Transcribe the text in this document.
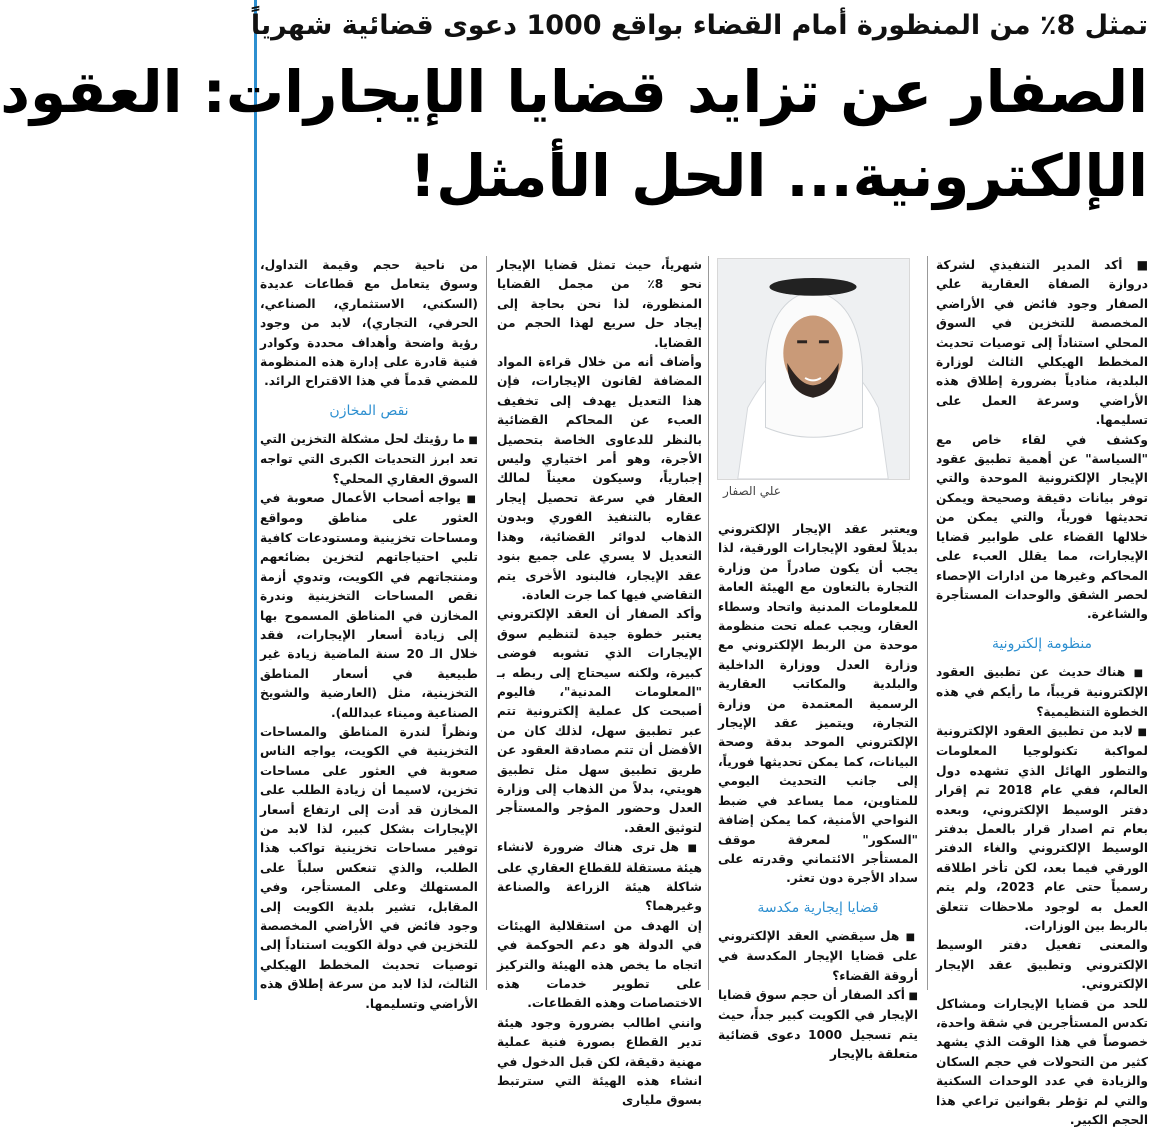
تمثل 8٪ من المنظورة أمام القضاء بواقع 1000 دعوى قضائية شهرياً
الصفار عن تزايد قضايا الإيجارات: العقود
الإلكترونية... الحل الأمثل!
علي الصفار

■ أكد المدير التنفيذي لشركة دروازة الصفاة العقارية علي الصفار وجود فائض في الأراضي المخصصة للتخزين في السوق المحلي استناداً إلى توصيات تحديث المخطط الهيكلي الثالث لوزارة البلدية، منادياً بضرورة إطلاق هذه الأراضي وسرعة العمل على تسليمها.

وكشف في لقاء خاص مع "السياسة" عن أهمية تطبيق عقود الإيجار الإلكترونية الموحدة والتي توفر بيانات دقيقة وصحيحة ويمكن تحديثها فورياً، والتي يمكن من خلالها القضاء على طوابير قضايا الإيجارات، مما يقلل العبء على المحاكم وغيرها من ادارات الإحصاء لحصر الشقق والوحدات المستأجرة والشاغرة.

منظومة إلكترونية

■ هناك حديث عن تطبيق العقود الإلكترونية قريباً، ما رأيكم في هذه الخطوة التنظيمية؟

■ لابد من تطبيق العقود الإلكترونية لمواكبة تكنولوجيا المعلومات والتطور الهائل الذي تشهده دول العالم، ففي عام 2018 تم إقرار دفتر الوسيط الإلكتروني، وبعده بعام تم اصدار قرار بالعمل بدفتر الوسيط الإلكتروني والغاء الدفتر الورقي فيما بعد، لكن تأخر اطلاقه رسمياً حتى عام 2023، ولم يتم العمل به لوجود ملاحظات تتعلق بالربط بين الوزارات.

والمعنى تفعيل دفتر الوسيط الإلكتروني وتطبيق عقد الإيجار الإلكتروني.

للحد من قضايا الإيجارات ومشاكل تكدس المستأجرين في شقة واحدة، خصوصاً في هذا الوقت الذي يشهد كثير من التحولات في حجم السكان والزيادة في عدد الوحدات السكنية والتي لم تؤطر بقوانين تراعي هذا الحجم الكبير.

ويعتبر عقد الإيجار الإلكتروني بديلاً لعقود الإيجارات الورقية، لذا يجب أن يكون صادراً من وزارة التجارة بالتعاون مع الهيئة العامة للمعلومات المدنية واتحاد وسطاء العقار، ويجب عمله تحت منظومة موحدة من الربط الإلكتروني مع وزارة العدل ووزارة الداخلية والبلدية والمكاتب العقارية الرسمية المعتمدة من وزارة التجارة، ويتميز عقد الإيجار الإلكتروني الموحد بدقة وصحة البيانات، كما يمكن تحديثها فورياً، إلى جانب التحديث اليومي للمتاوين، مما يساعد في ضبط النواحي الأمنية، كما يمكن إضافة "السكور" لمعرفة موقف المستأجر الائتماني وقدرته على سداد الأجرة دون تعثر.

قضايا إيجارية مكدسة

■ هل سيقضي العقد الإلكتروني على قضايا الإيجار المكدسة في أروقة القضاء؟

■ أكد الصفار أن حجم سوق قضايا الإيجار في الكويت كبير جداً، حيث يتم تسجيل 1000 دعوى قضائية متعلقة بالإيجار

شهرياً، حيث تمثل قضايا الإيجار نحو 8٪ من مجمل القضايا المنظورة، لذا نحن بحاجة إلى إيجاد حل سريع لهذا الحجم من القضايا.

وأضاف أنه من خلال قراءة المواد المضافة لقانون الإيجارات، فإن هذا التعديل يهدف إلى تخفيف العبء عن المحاكم القضائية بالنظر للدعاوى الخاصة بتحصيل الأجرة، وهو أمر اختياري وليس إجبارياً، وسيكون معيناً لمالك العقار في سرعة تحصيل إيجار عقاره بالتنفيذ الفوري وبدون الذهاب لدوائر القضائية، وهذا التعديل لا يسري على جميع بنود عقد الإيجار، فالبنود الأخرى يتم التقاضي فيها كما جرت العادة.

وأكد الصفار أن العقد الإلكتروني يعتبر خطوة جيدة لتنظيم سوق الإيجارات الذي تشوبه فوضى كبيرة، ولكنه سيحتاج إلى ربطه بـ "المعلومات المدنية"، فاليوم أصبحت كل عملية إلكترونية تتم عبر تطبيق سهل، لذلك كان من الأفضل أن تتم مصادقة العقود عن طريق تطبيق سهل مثل تطبيق هويتي، بدلاً من الذهاب إلى وزارة العدل وحضور المؤجر والمستأجر لتوثيق العقد.

■ هل ترى هناك ضرورة لانشاء هيئة مستقلة للقطاع العقاري على شاكلة هيئة الزراعة والصناعة وغيرهما؟

إن الهدف من استقلالية الهيئات في الدولة هو دعم الحوكمة في اتجاه ما يخص هذه الهيئة والتركيز على تطوير خدمات هذه الاختصاصات وهذه القطاعات.

وانني اطالب بضرورة وجود هيئة تدير القطاع بصورة فنية عملية مهنية دقيقة، لكن قبل الدخول في انشاء هذه الهيئة التي سترتبط بسوق مليارى

من ناحية حجم وقيمة التداول، وسوق يتعامل مع قطاعات عديدة (السكني، الاستثماري، الصناعي، الحرفي، التجاري)، لابد من وجود رؤية واضحة وأهداف محددة وكوادر فنية قادرة على إدارة هذه المنظومة للمضي قدماً في هذا الاقتراح الرائد.

نقص المخازن

■ ما رؤيتك لحل مشكلة التخزين التي تعد ابرز التحديات الكبرى التي تواجه السوق العقاري المحلي؟

■ يواجه أصحاب الأعمال صعوبة في العثور على مناطق ومواقع ومساحات تخزينية ومستودعات كافية تلبي احتياجاتهم لتخزين بضائعهم ومنتجاتهم في الكويت، وتدوي أزمة نقص المساحات التخزينية وندرة المخازن في المناطق المسموح بها إلى زيادة أسعار الإيجارات، فقد خلال الـ 20 سنة الماضية زيادة غير طبيعية في أسعار المناطق التخزينية، مثل (العارضية والشويخ الصناعية وميناء عبدالله).

ونظراً لندرة المناطق والمساحات التخزينية في الكويت، يواجه الناس صعوبة في العثور على مساحات تخزين، لاسيما أن زيادة الطلب على المخازن قد أدت إلى ارتفاع أسعار الإيجارات بشكل كبير، لذا لابد من توفير مساحات تخزينية تواكب هذا الطلب، والذي تنعكس سلباً على المستهلك وعلى المستأجر، وفي المقابل، تشير بلدية الكويت إلى وجود فائض في الأراضي المخصصة للتخزين في دولة الكويت استناداً إلى توصيات تحديث المخطط الهيكلي الثالث، لذا لابد من سرعة إطلاق هذه الأراضي وتسليمها.
